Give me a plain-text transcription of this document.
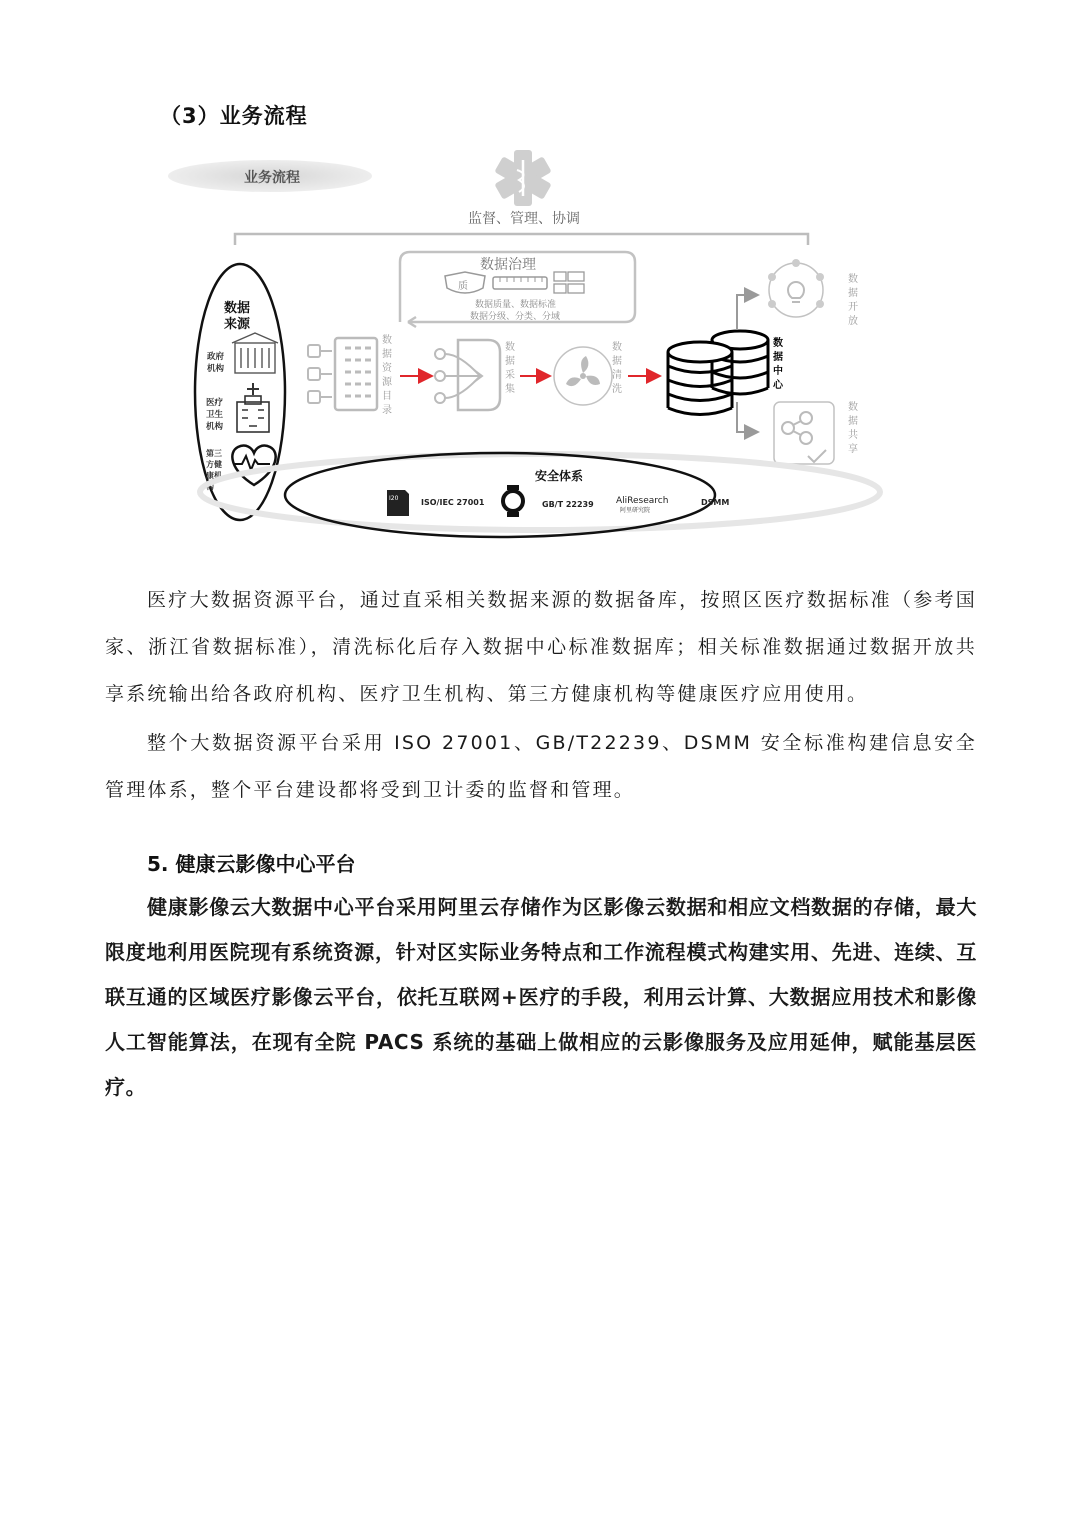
（3）业务流程
业务流程
监督、管理、协调
数据治理
质
数据质量、数据标准
数据分级、分类、分域
数据
来源
政府
机构
医疗
卫生
机构
第三
方健
康机
构
数
据
资
源
目
录
数
据
采
集
数
据
清
洗
数
据
中
心
数
据
开
放
数
据
共
享
安全体系
I20	ISO/IEC 27001	GB/T 22239 AliResearch
阿里研究院
DSMM
医疗大数据资源平台，通过直采相关数据来源的数据备库，按照区医疗数据标准（参考国家、浙江省数据标准），清洗标化后存入数据中心标准数据库；相关标准数据通过数据开放共享系统输出给各政府机构、医疗卫生机构、第三方健康机构等健康医疗应用使用。
整个大数据资源平台采用 ISO 27001、GB/T22239、DSMM 安全标准构建信息安全管理体系，整个平台建设都将受到卫计委的监督和管理。
5. 健康云影像中心平台
健康影像云大数据中心平台采用阿里云存储作为区影像云数据和相应文档数据的存储，最大限度地利用医院现有系统资源，针对区实际业务特点和工作流程模式构建实用、先进、连续、互联互通的区域医疗影像云平台，依托互联网+医疗的手段，利用云计算、大数据应用技术和影像人工智能算法，在现有全院 PACS 系统的基础上做相应的云影像服务及应用延伸，赋能基层医疗。
